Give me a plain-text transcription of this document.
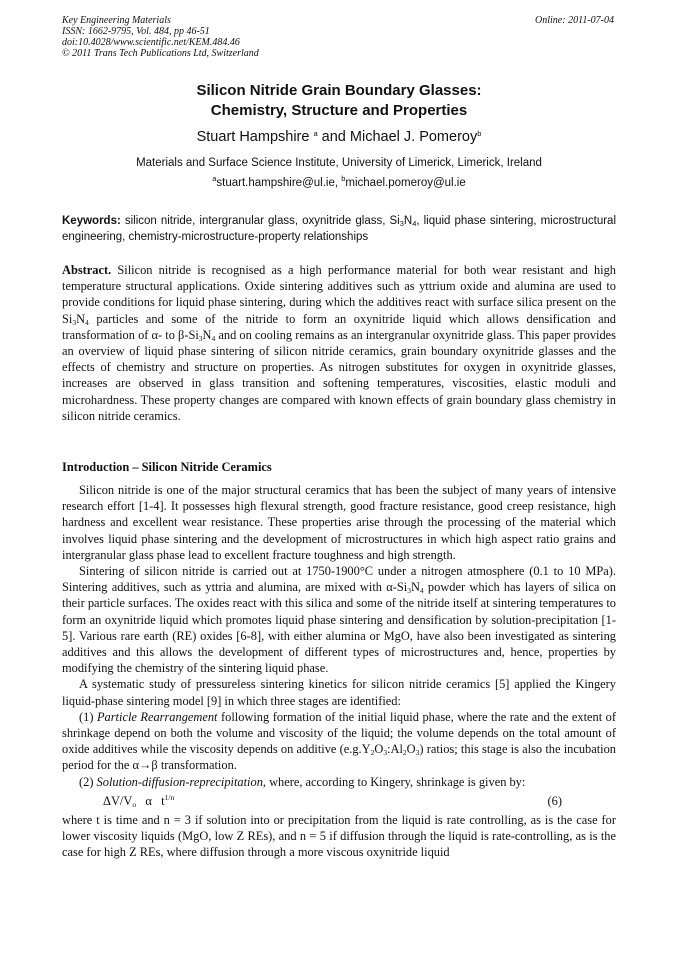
Key Engineering Materials
ISSN: 1662-9795, Vol. 484, pp 46-51
doi:10.4028/www.scientific.net/KEM.484.46
© 2011 Trans Tech Publications Ltd, Switzerland
Online: 2011-07-04
Silicon Nitride Grain Boundary Glasses:
Chemistry, Structure and Properties
Stuart Hampshire $^a$ and Michael J. Pomeroy$^b$
Materials and Surface Science Institute, University of Limerick, Limerick, Ireland
$^a$stuart.hampshire@ul.ie, $^b$michael.pomeroy@ul.ie
Keywords: silicon nitride, intergranular glass, oxynitride glass, $Si_3N_4$, liquid phase sintering, microstructural engineering, chemistry-microstructure-property relationships
Abstract. Silicon nitride is recognised as a high performance material for both wear resistant and high temperature structural applications. Oxide sintering additives such as yttrium oxide and alumina are used to provide conditions for liquid phase sintering, during which the additives react with surface silica present on the $Si_3N_4$ particles and some of the nitride to form an oxynitride liquid which allows densification and transformation of α- to $\beta-Si_3N_4$ and on cooling remains as an intergranular oxynitride glass. This paper provides an overview of liquid phase sintering of silicon nitride ceramics, grain boundary oxynitride glasses and the effects of chemistry and structure on properties. As nitrogen substitutes for oxygen in oxynitride glasses, increases are observed in glass transition and softening temperatures, viscosities, elastic moduli and microhardness. These property changes are compared with known effects of grain boundary glass chemistry in silicon nitride ceramics.
Introduction – Silicon Nitride Ceramics

Silicon nitride is one of the major structural ceramics that has been the subject of many years of intensive research effort [1-4]. It possesses high flexural strength, good fracture resistance, good creep resistance, high hardness and excellent wear resistance. These properties arise through the processing of the material which involves liquid phase sintering and the development of microstructures in which high aspect ratio grains and intergranular glass phase lead to excellent fracture toughness and high strength.

Sintering of silicon nitride is carried out at 1750-1900°C under a nitrogen atmosphere (0.1 to 10 MPa). Sintering additives, such as yttria and alumina, are mixed with $\alpha-Si_3N_4$ powder which has layers of silica on their particle surfaces. The oxides react with this silica and some of the nitride itself at sintering temperatures to form an oxynitride liquid which promotes liquid phase sintering and densification by solution-precipitation [1-5]. Various rare earth (RE) oxides [6-8], with either alumina or MgO, have also been investigated as sintering additives and this allows the development of different types of microstructures and, hence, properties by modifying the chemistry of the sintering liquid phase.

A systematic study of pressureless sintering kinetics for silicon nitride ceramics [5] applied the Kingery liquid-phase sintering model [9] in which three stages are identified:

(1) Particle Rearrangement following formation of the initial liquid phase, where the rate and the extent of shrinkage depend on both the volume and viscosity of the liquid; the volume depends on the total amount of oxide additives while the viscosity depends on additive $(e.g.Y_2O_3:Al_2O_3)$ ratios; this stage is also the incubation period for the α→β transformation.

(2) Solution-diffusion-reprecipitation, where, according to Kingery, shrinkage is given by:

$\Delta V/V_o$ α $t^{1/n}$	(6)

where t is time and n = 3 if solution into or precipitation from the liquid is rate controlling, as is the case for lower viscosity liquids (MgO, low Z REs), and n = 5 if diffusion through the liquid is rate-controlling, as is the case for high Z REs, where diffusion through a more viscous oxynitride liquid
